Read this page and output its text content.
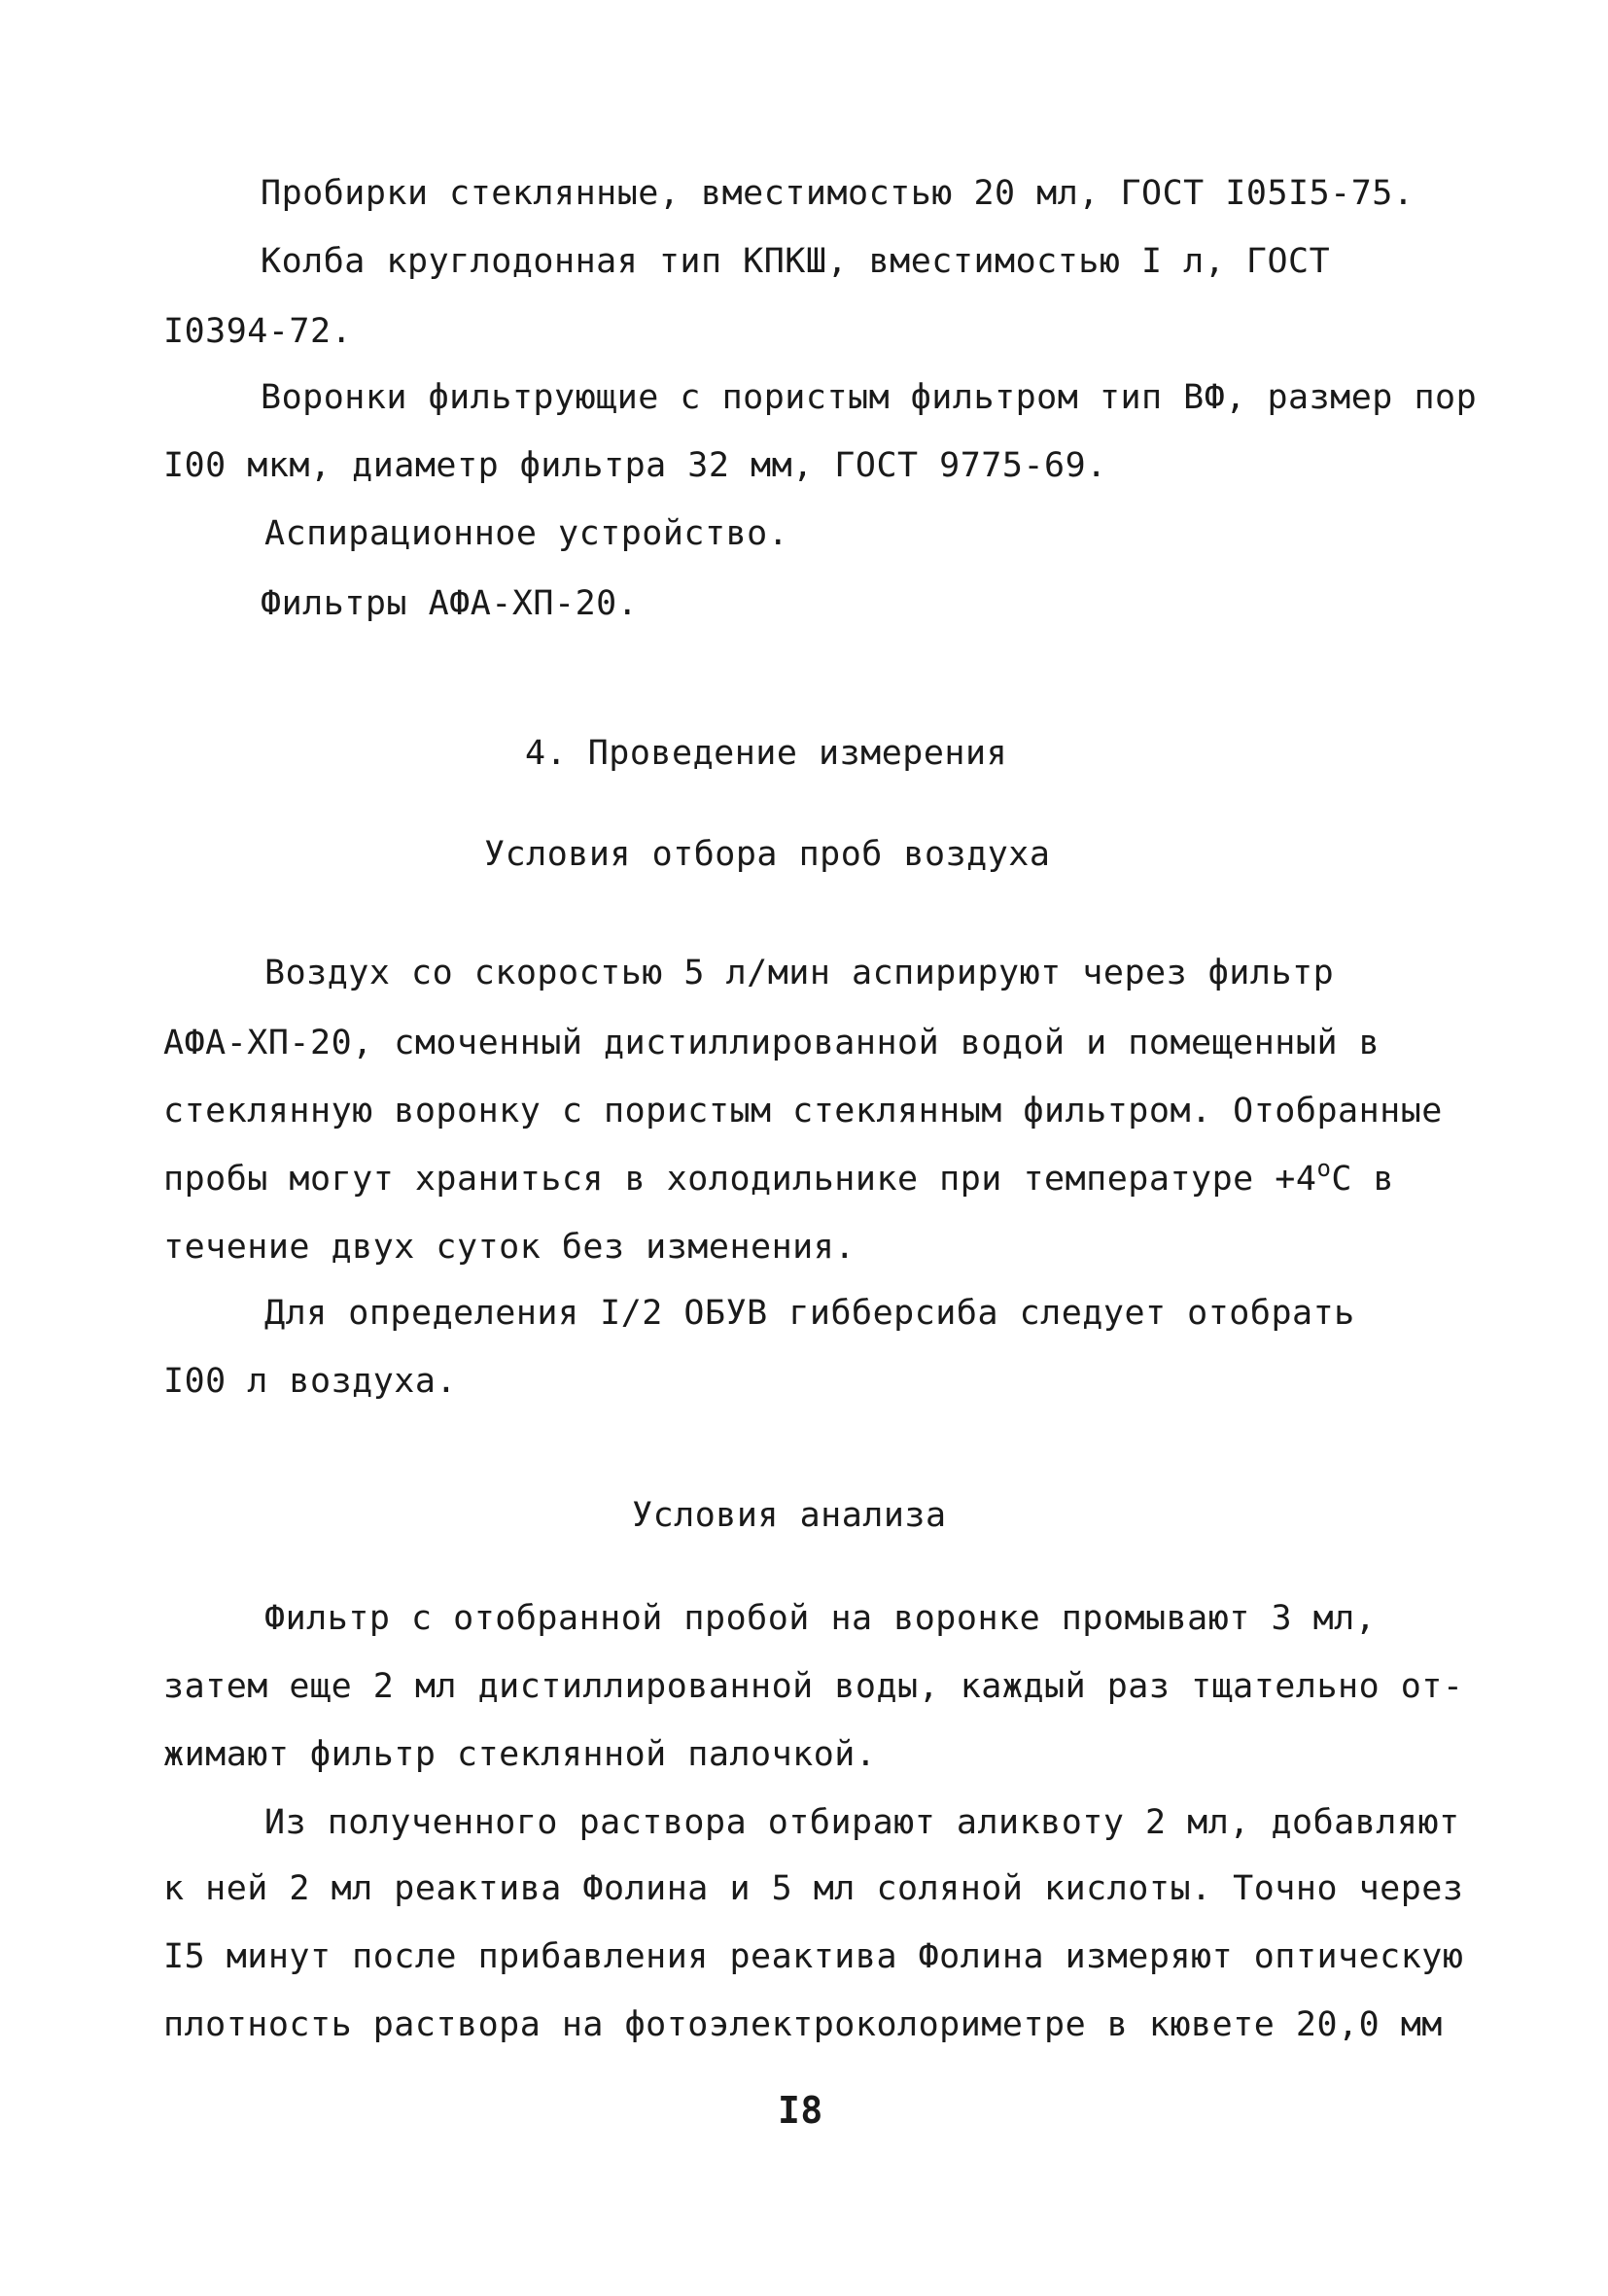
Пробирки стеклянные, вместимостью 20 мл, ГОСТ I05I5-75.
Колба круглодонная тип КПКШ, вместимостью I л, ГОСТ
I0394-72.
Воронки фильтрующие с пористым фильтром тип ВФ, размер пор
I00 мкм, диаметр фильтра 32 мм, ГОСТ 9775-69.
Аспирационное устройство.
Фильтры АФА-ХП-20.
4. Проведение измерения
Условия отбора проб воздуха
Воздух со скоростью 5 л/мин аспирируют через фильтр
АФА-ХП-20, смоченный дистиллированной водой и помещенный в
стеклянную воронку с пористым стеклянным фильтром. Отобранные
пробы могут храниться в холодильнике при температуре $+4^oС$ в
течение двух суток без изменения.
Для определения I/2 ОБУВ гибберсиба следует отобрать
I00 л воздуха.
Условия анализа
Фильтр с отобранной пробой на воронке промывают 3 мл,
затем еще 2 мл дистиллированной воды, каждый раз тщательно от-
жимают фильтр стеклянной палочкой.
Из полученного раствора отбирают аликвоту 2 мл, добавляют
к ней 2 мл реактива Фолина и 5 мл соляной кислоты. Точно через
I5 минут после прибавления реактива Фолина измеряют оптическую
плотность раствора на фотоэлектроколориметре в кювете 20,0 мм
I8
